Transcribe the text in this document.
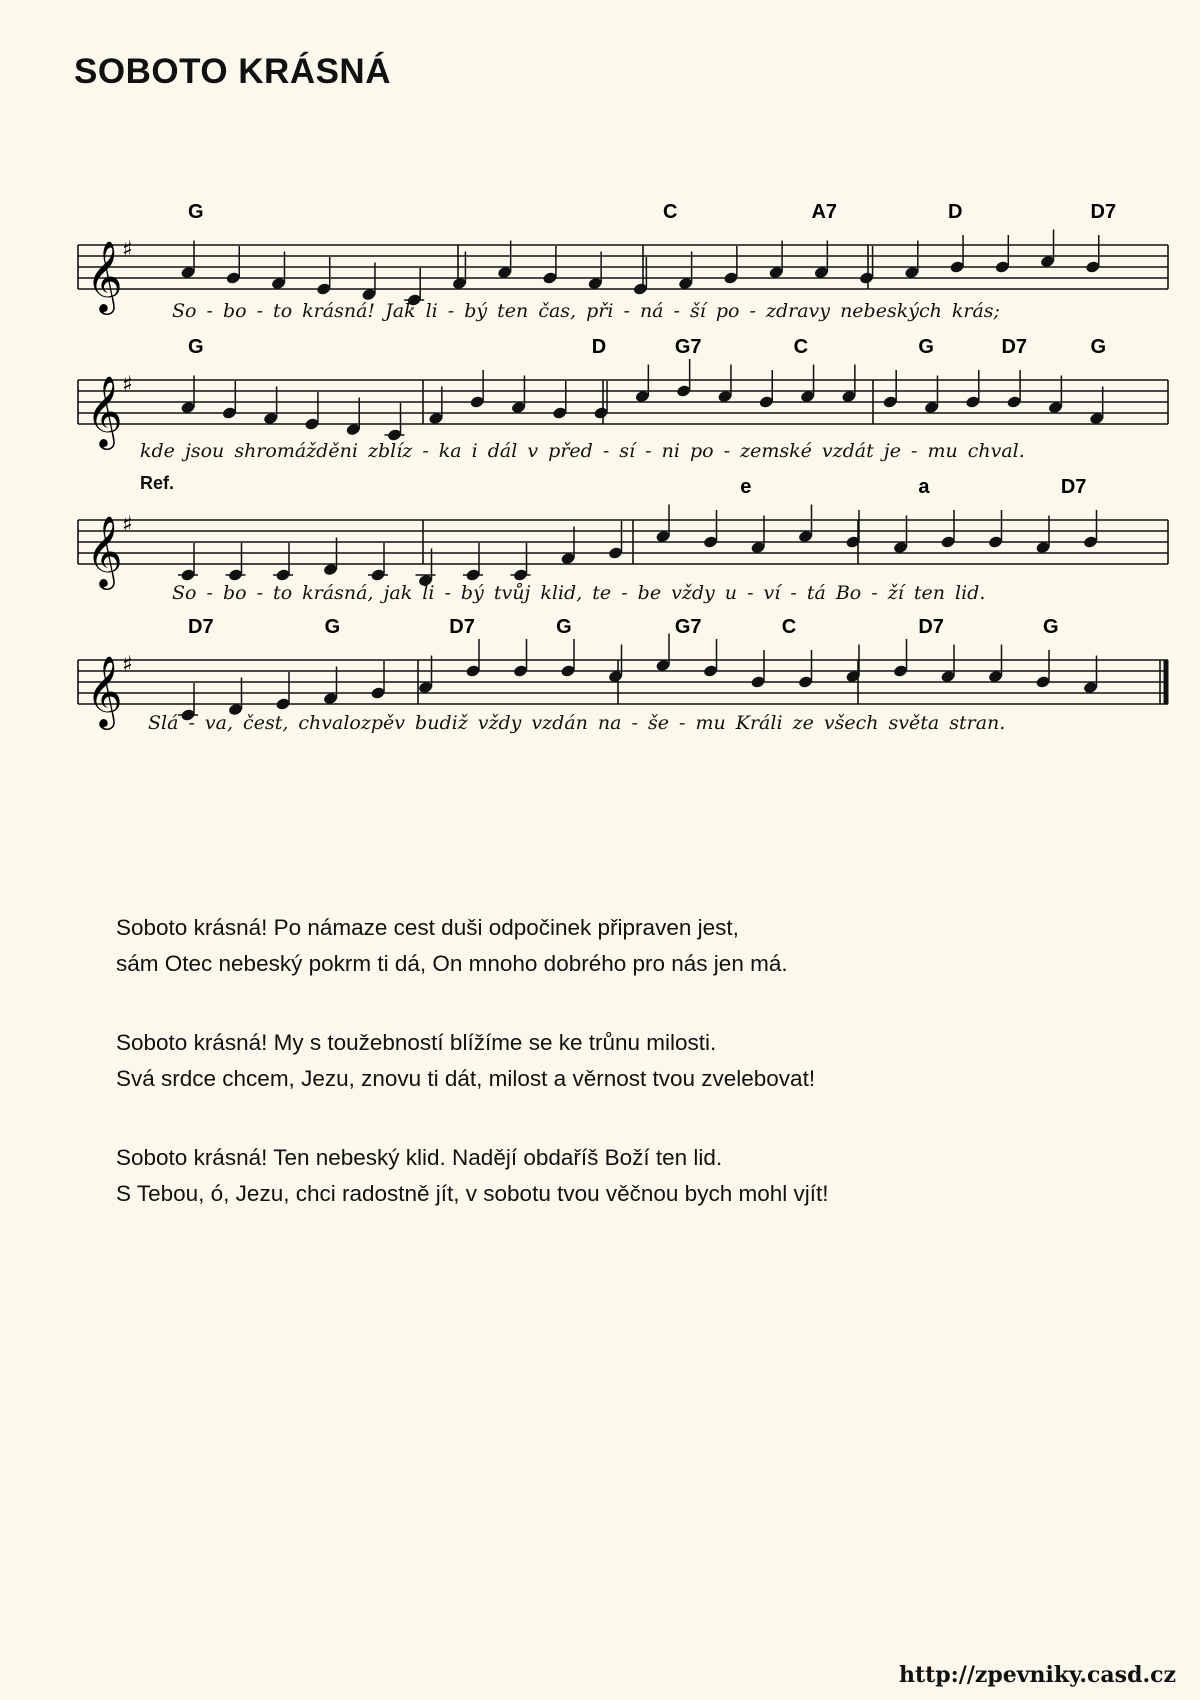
SOBOTO KRÁSNÁ
𝄞 ♯
G	C	A7	D	D7
So - bo - to krásná! Jak li - bý ten čas, při - ná - ší po - zdravy nebeských krás;
𝄞 ♯
G	D	G7	C	G	D7	G
kde jsou shromážděni zblíz - ka i dál v před - sí - ni po - zemské vzdát je - mu chval.
Ref.
𝄞 ♯
e	a	D7
So - bo - to krásná, jak li - bý tvůj klid, te - be vždy u - ví - tá Bo - ží ten lid.
𝄞 ♯
D7	G	D7	G	G7	C	D7	G
Slá - va, čest, chvalozpěv budiž vždy vzdán na - še - mu Králi ze všech světa stran.
Soboto krásná! Po námaze cest duši odpočinek připraven jest,
sám Otec nebeský pokrm ti dá, On mnoho dobrého pro nás jen má.
Soboto krásná! My s toužebností blížíme se ke trůnu milosti.
Svá srdce chcem, Jezu, znovu ti dát, milost a věrnost tvou zvelebovat!
Soboto krásná! Ten nebeský klid. Nadějí obdaříš Boží ten lid.
S Tebou, ó, Jezu, chci radostně jít, v sobotu tvou věčnou bych mohl vjít!
http://zpevniky.casd.cz
